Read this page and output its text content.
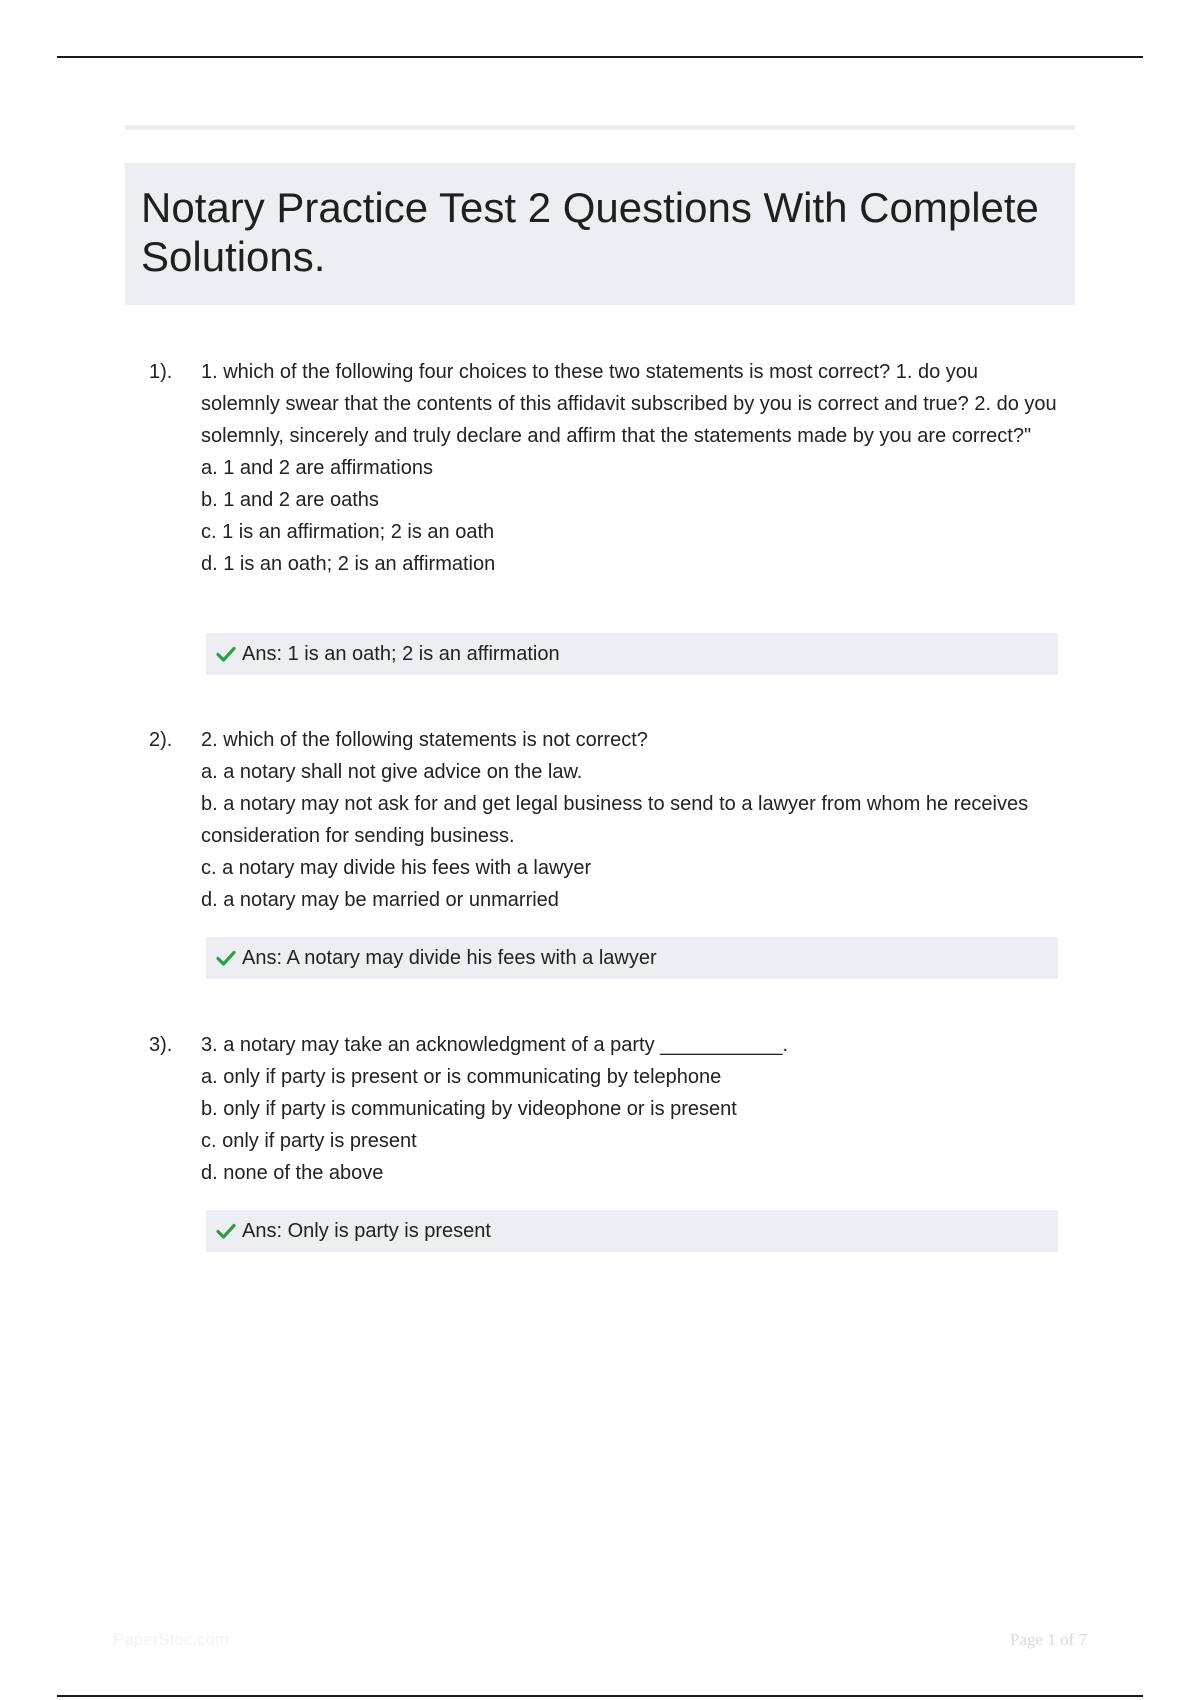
Notary Practice Test 2 Questions With Complete Solutions.
1). 1. which of the following four choices to these two statements is most correct? 1. do you solemnly swear that the contents of this affidavit subscribed by you is correct and true? 2. do you solemnly, sincerely and truly declare and affirm that the statements made by you are correct?"

a. 1 and 2 are affirmations

b. 1 and 2 are oaths

c. 1 is an affirmation; 2 is an oath

d. 1 is an oath; 2 is an affirmation

Ans: 1 is an oath; 2 is an affirmation
2). 2. which of the following statements is not correct?

a. a notary shall not give advice on the law.

b. a notary may not ask for and get legal business to send to a lawyer from whom he receives consideration for sending business.

c. a notary may divide his fees with a lawyer

d. a notary may be married or unmarried

Ans: A notary may divide his fees with a lawyer
3). 3. a notary may take an acknowledgment of a party ___________.

a. only if party is present or is communicating by telephone

b. only if party is communicating by videophone or is present

c. only if party is present

d. none of the above

Ans: Only is party is present
PaperStoc.com	Page 1 of 7
